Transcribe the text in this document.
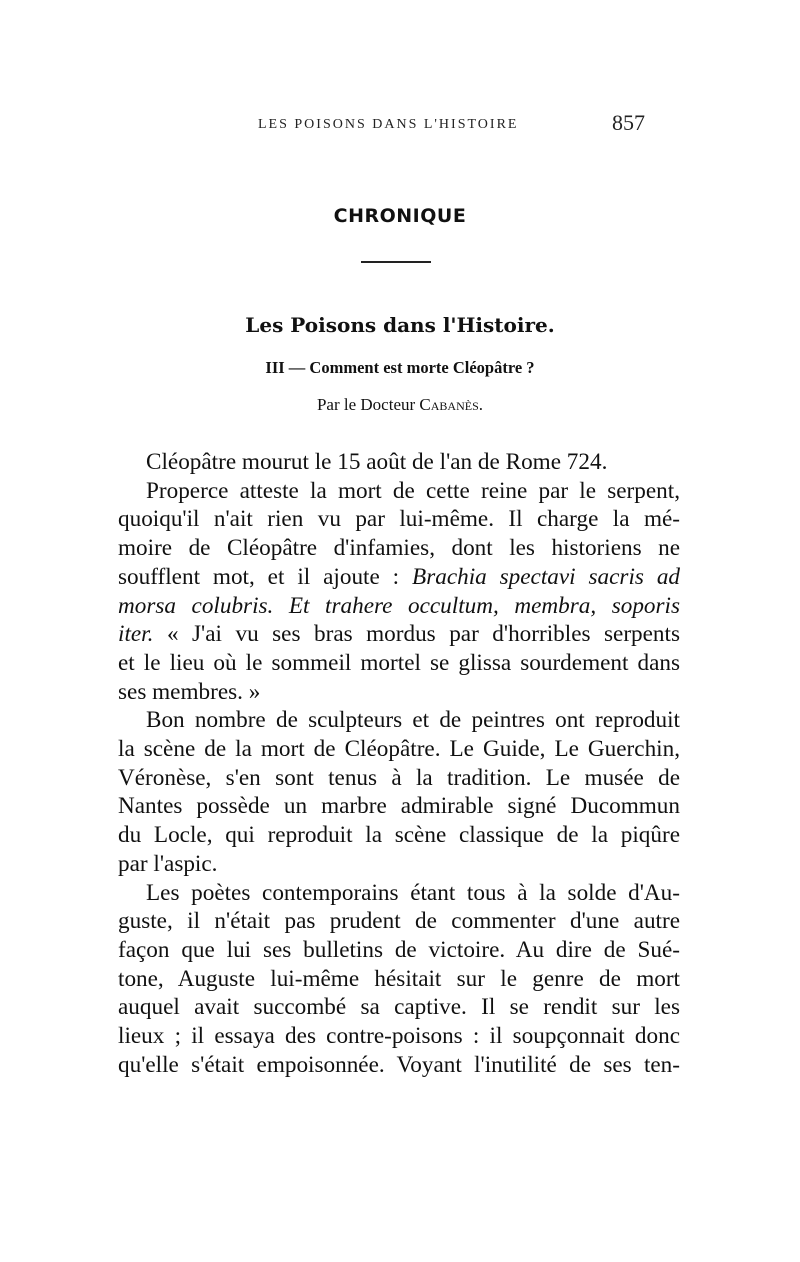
LES POISONS DANS L'HISTOIRE	857
CHRONIQUE
Les Poisons dans l'Histoire.
III — Comment est morte Cléopâtre ?
Par le Docteur Cabanès.
Cléopâtre mourut le 15 août de l'an de Rome 724.
Properce atteste la mort de cette reine par le serpent,
quoiqu'il n'ait rien vu par lui-même. Il charge la mé-
moire de Cléopâtre d'infamies, dont les historiens ne
soufflent mot, et il ajoute : Brachia spectavi sacris ad
morsa colubris. Et trahere occultum, membra, soporis
iter. « J'ai vu ses bras mordus par d'horribles serpents
et le lieu où le sommeil mortel se glissa sourdement dans
ses membres. »
Bon nombre de sculpteurs et de peintres ont reproduit
la scène de la mort de Cléopâtre. Le Guide, Le Guerchin,
Véronèse, s'en sont tenus à la tradition. Le musée de
Nantes possède un marbre admirable signé Ducommun
du Locle, qui reproduit la scène classique de la piqûre
par l'aspic.
Les poètes contemporains étant tous à la solde d'Au-
guste, il n'était pas prudent de commenter d'une autre
façon que lui ses bulletins de victoire. Au dire de Sué-
tone, Auguste lui-même hésitait sur le genre de mort
auquel avait succombé sa captive. Il se rendit sur les
lieux ; il essaya des contre-poisons : il soupçonnait donc
qu'elle s'était empoisonnée. Voyant l'inutilité de ses ten-
